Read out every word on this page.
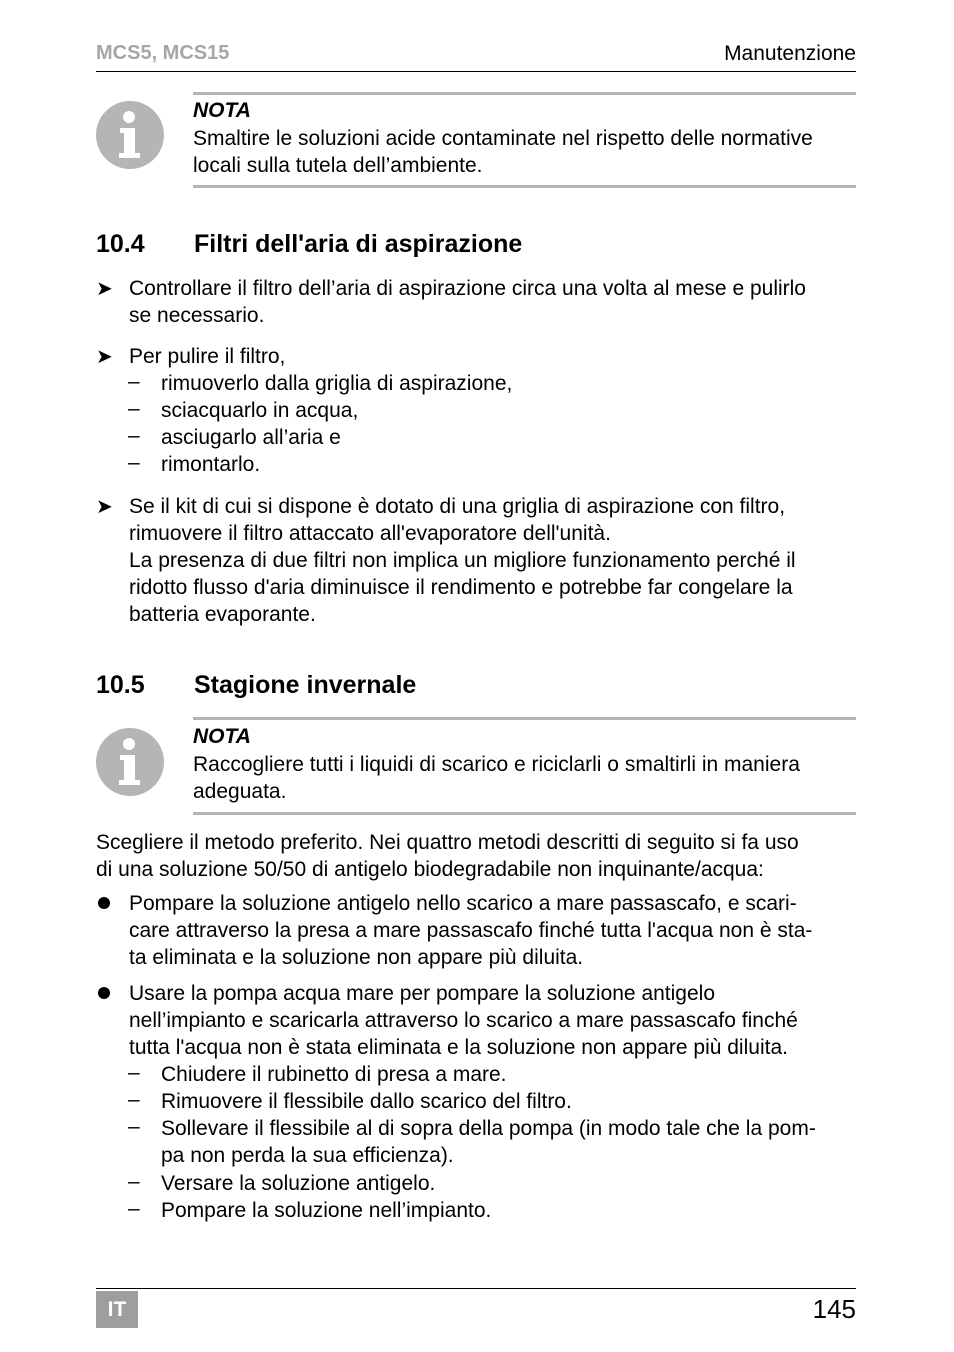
MCS5, MCS15	Manutenzione
NOTA
Smaltire le soluzioni acide contaminate nel rispetto delle normative
locali sulla tutela dell’ambiente.
10.4 Filtri dell'aria di aspirazione
➤ Controllare il filtro dell’aria di aspirazione circa una volta al mese e pulirlo
se necessario.
➤ Per pulire il filtro,
– rimuoverlo dalla griglia di aspirazione,
– sciacquarlo in acqua,
– asciugarlo all’aria e
– rimontarlo.
➤ Se il kit di cui si dispone è dotato di una griglia di aspirazione con filtro,
rimuovere il filtro attaccato all'evaporatore dell'unità.
La presenza di due filtri non implica un migliore funzionamento perché il
ridotto flusso d'aria diminuisce il rendimento e potrebbe far congelare la
batteria evaporante.
10.5 Stagione invernale
NOTA
Raccogliere tutti i liquidi di scarico e riciclarli o smaltirli in maniera
adeguata.
Scegliere il metodo preferito. Nei quattro metodi descritti di seguito si fa uso
di una soluzione 50/50 di antigelo biodegradabile non inquinante/acqua:
Pompare la soluzione antigelo nello scarico a mare passascafo, e scari-
care attraverso la presa a mare passascafo finché tutta l'acqua non è sta-
ta eliminata e la soluzione non appare più diluita.
Usare la pompa acqua mare per pompare la soluzione antigelo
nell’impianto e scaricarla attraverso lo scarico a mare passascafo finché
tutta l'acqua non è stata eliminata e la soluzione non appare più diluita.
– Chiudere il rubinetto di presa a mare.
– Rimuovere il flessibile dallo scarico del filtro.
– Sollevare il flessibile al di sopra della pompa (in modo tale che la pom-
pa non perda la sua efficienza).
– Versare la soluzione antigelo.
– Pompare la soluzione nell’impianto.
IT	145
